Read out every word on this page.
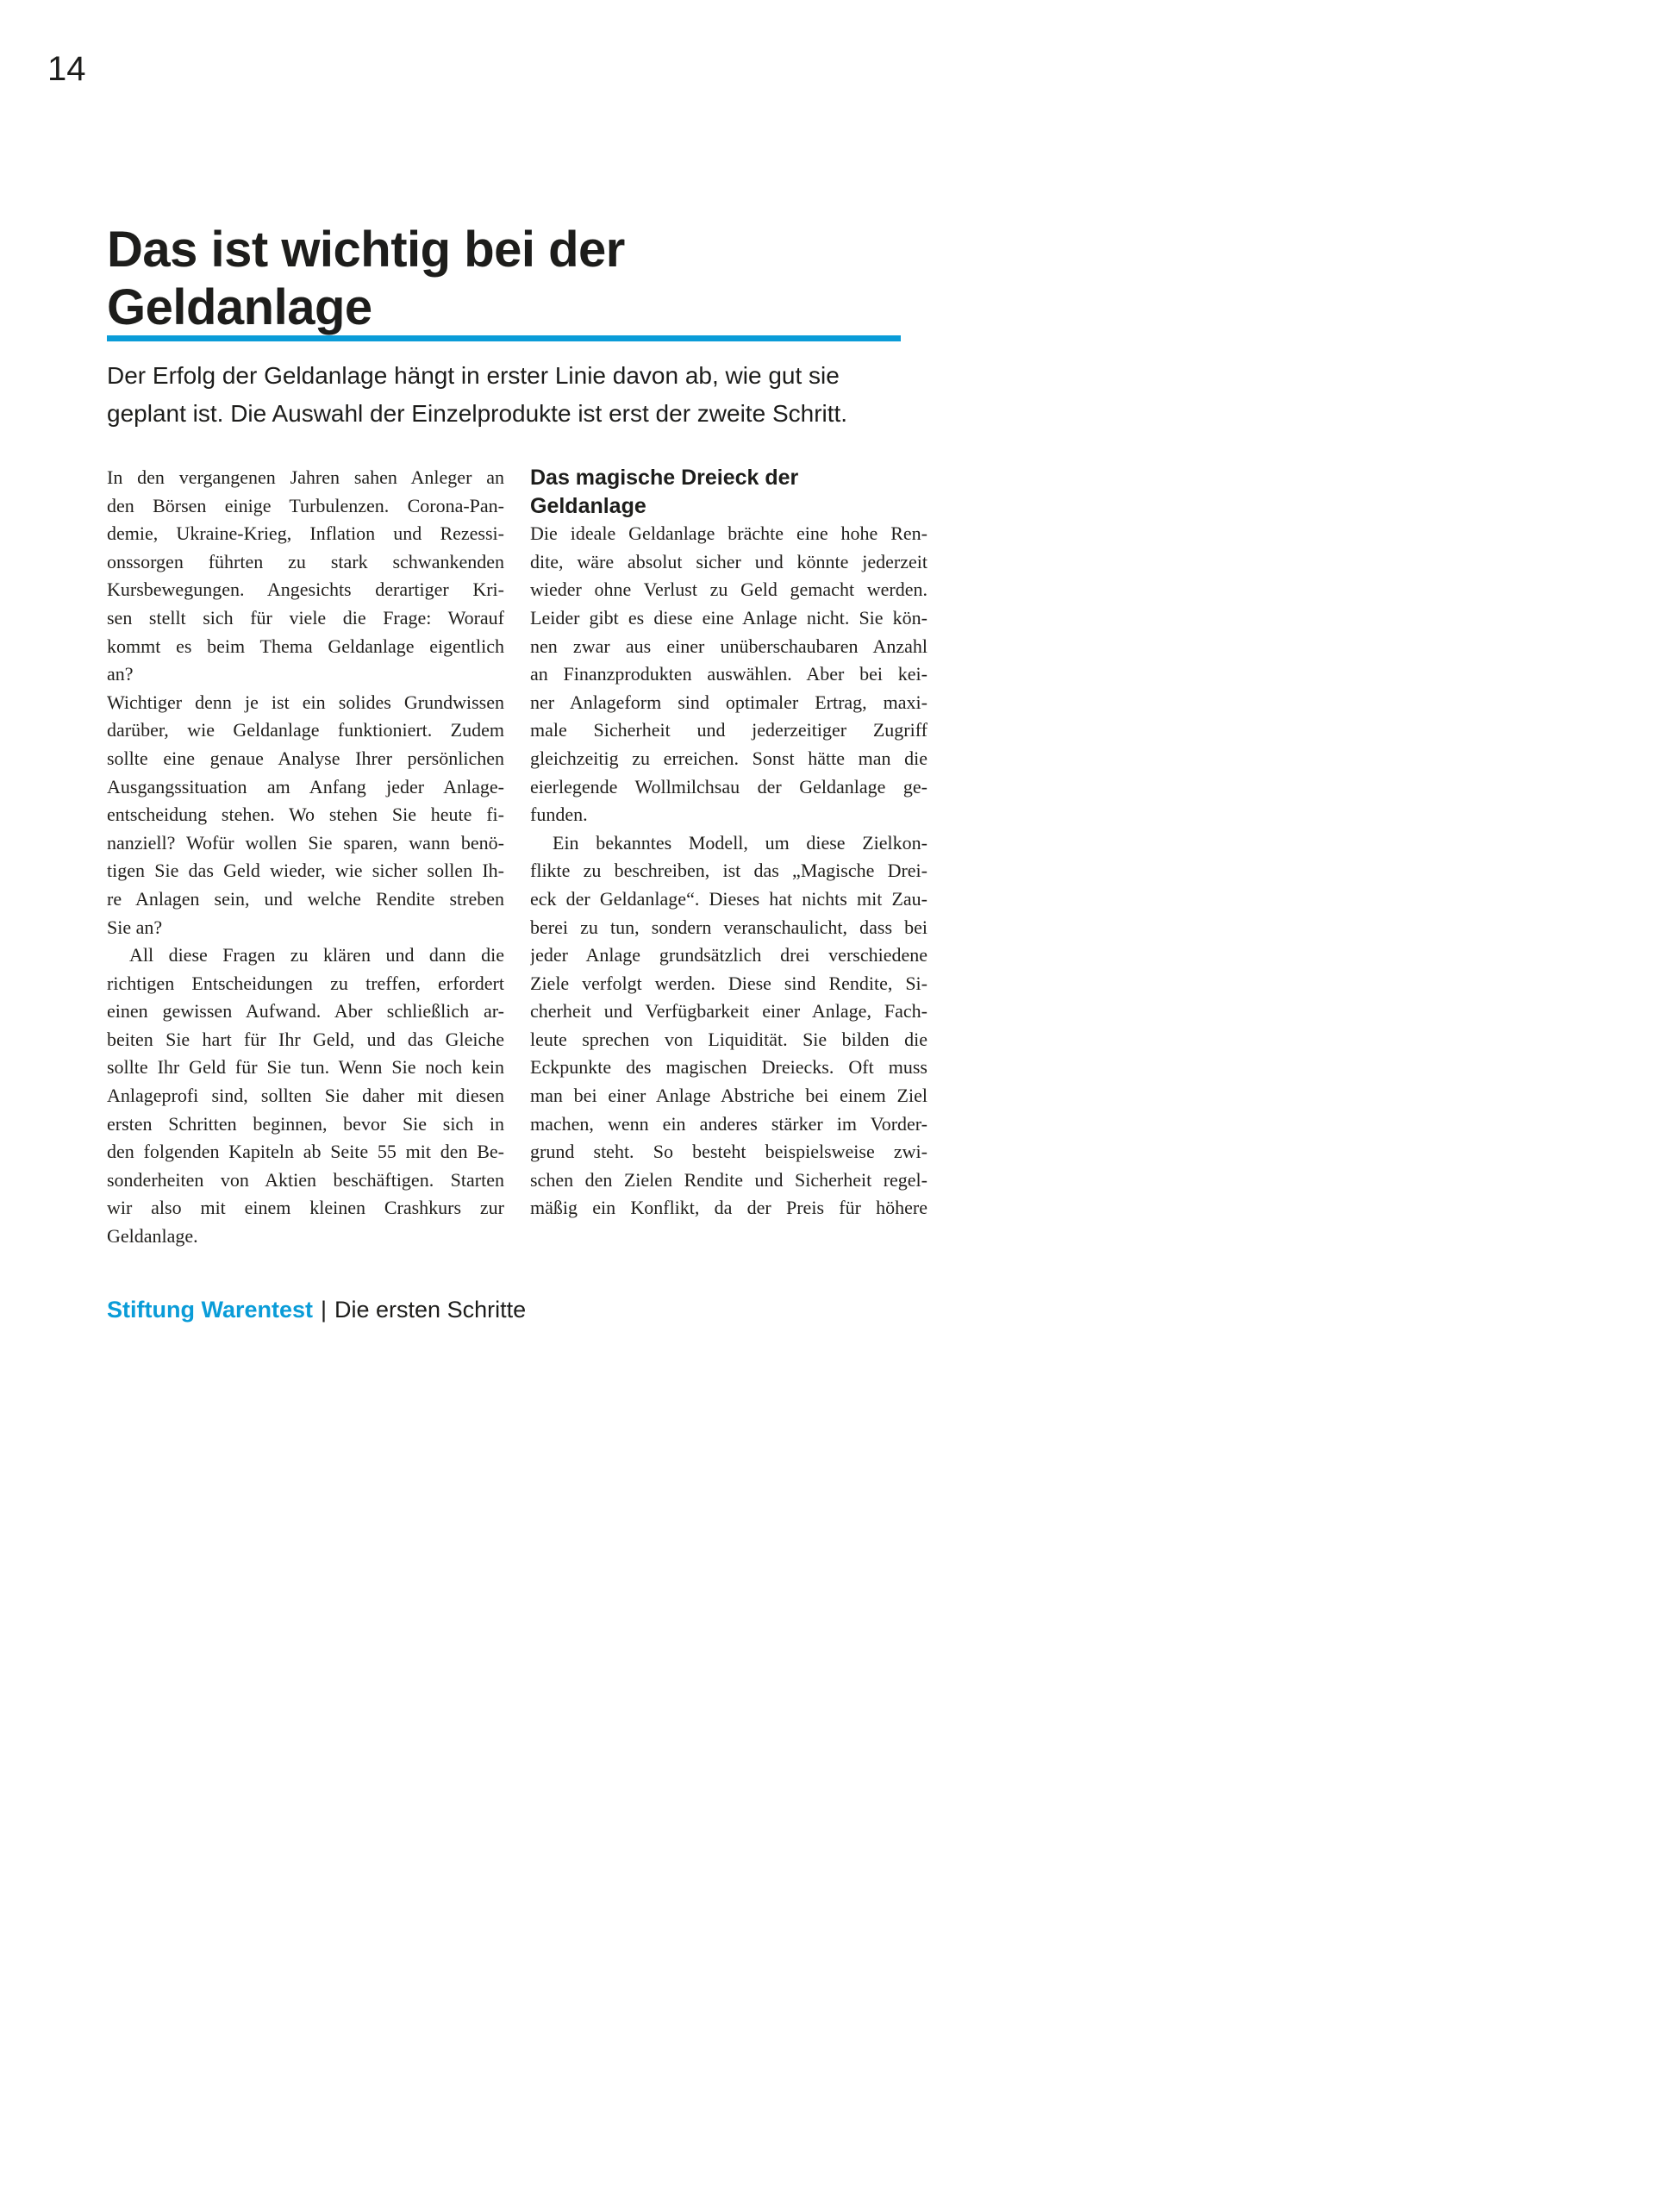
14
Das ist wichtig bei der
Geldanlage
Der Erfolg der Geldanlage hängt in erster Linie davon ab, wie gut sie
geplant ist. Die Auswahl der Einzelprodukte ist erst der zweite Schritt.
In den vergangenen Jahren sahen Anleger an
den Börsen einige Turbulenzen. Corona-Pan-
demie, Ukraine-Krieg, Inflation und Rezessi-
onssorgen führten zu stark schwankenden
Kursbewegungen. Angesichts derartiger Kri-
sen stellt sich für viele die Frage: Worauf
kommt es beim Thema Geldanlage eigentlich
an?
Wichtiger denn je ist ein solides Grundwissen
darüber, wie Geldanlage funktioniert. Zudem
sollte eine genaue Analyse Ihrer persönlichen
Ausgangssituation am Anfang jeder Anlage-
entscheidung stehen. Wo stehen Sie heute fi-
nanziell? Wofür wollen Sie sparen, wann benö-
tigen Sie das Geld wieder, wie sicher sollen Ih-
re Anlagen sein, und welche Rendite streben
Sie an?
All diese Fragen zu klären und dann die
richtigen Entscheidungen zu treffen, erfordert
einen gewissen Aufwand. Aber schließlich ar-
beiten Sie hart für Ihr Geld, und das Gleiche
sollte Ihr Geld für Sie tun. Wenn Sie noch kein
Anlageprofi sind, sollten Sie daher mit diesen
ersten Schritten beginnen, bevor Sie sich in
den folgenden Kapiteln ab Seite 55 mit den Be-
sonderheiten von Aktien beschäftigen. Starten
wir also mit einem kleinen Crashkurs zur
Geldanlage.
Das magische Dreieck der
Geldanlage
Die ideale Geldanlage brächte eine hohe Ren-
dite, wäre absolut sicher und könnte jederzeit
wieder ohne Verlust zu Geld gemacht werden.
Leider gibt es diese eine Anlage nicht. Sie kön-
nen zwar aus einer unüberschaubaren Anzahl
an Finanzprodukten auswählen. Aber bei kei-
ner Anlageform sind optimaler Ertrag, maxi-
male Sicherheit und jederzeitiger Zugriff
gleichzeitig zu erreichen. Sonst hätte man die
eierlegende Wollmilchsau der Geldanlage ge-
funden.
Ein bekanntes Modell, um diese Zielkon-
flikte zu beschreiben, ist das „Magische Drei-
eck der Geldanlage“. Dieses hat nichts mit Zau-
berei zu tun, sondern veranschaulicht, dass bei
jeder Anlage grundsätzlich drei verschiedene
Ziele verfolgt werden. Diese sind Rendite, Si-
cherheit und Verfügbarkeit einer Anlage, Fach-
leute sprechen von Liquidität. Sie bilden die
Eckpunkte des magischen Dreiecks. Oft muss
man bei einer Anlage Abstriche bei einem Ziel
machen, wenn ein anderes stärker im Vorder-
grund steht. So besteht beispielsweise zwi-
schen den Zielen Rendite und Sicherheit regel-
mäßig ein Konflikt, da der Preis für höhere
Stiftung Warentest | Die ersten Schritte
